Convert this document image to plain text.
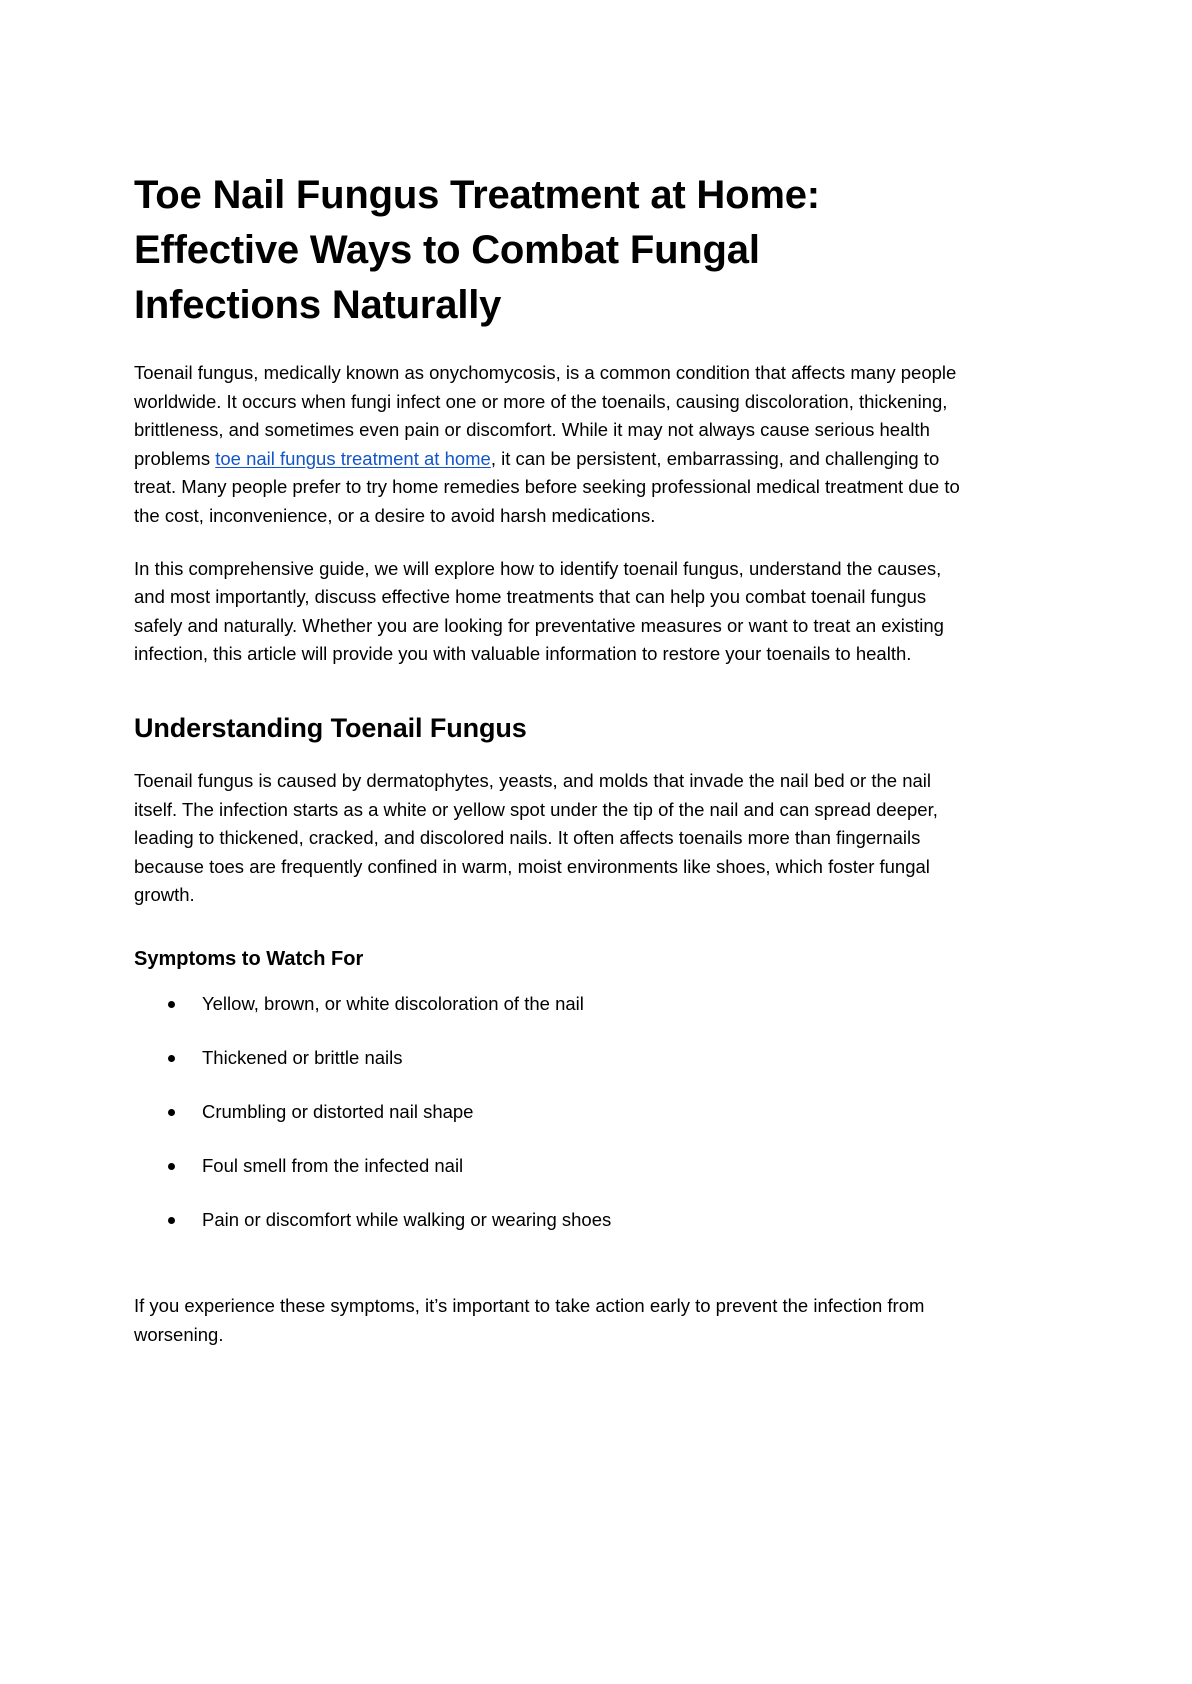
Toe Nail Fungus Treatment at Home: Effective Ways to Combat Fungal Infections Naturally

Toenail fungus, medically known as onychomycosis, is a common condition that affects many people worldwide. It occurs when fungi infect one or more of the toenails, causing discoloration, thickening, brittleness, and sometimes even pain or discomfort. While it may not always cause serious health problems toe nail fungus treatment at home, it can be persistent, embarrassing, and challenging to treat. Many people prefer to try home remedies before seeking professional medical treatment due to the cost, inconvenience, or a desire to avoid harsh medications.

In this comprehensive guide, we will explore how to identify toenail fungus, understand the causes, and most importantly, discuss effective home treatments that can help you combat toenail fungus safely and naturally. Whether you are looking for preventative measures or want to treat an existing infection, this article will provide you with valuable information to restore your toenails to health.

Understanding Toenail Fungus

Toenail fungus is caused by dermatophytes, yeasts, and molds that invade the nail bed or the nail itself. The infection starts as a white or yellow spot under the tip of the nail and can spread deeper, leading to thickened, cracked, and discolored nails. It often affects toenails more than fingernails because toes are frequently confined in warm, moist environments like shoes, which foster fungal growth.

Symptoms to Watch For
Yellow, brown, or white discoloration of the nail
Thickened or brittle nails
Crumbling or distorted nail shape
Foul smell from the infected nail
Pain or discomfort while walking or wearing shoes

If you experience these symptoms, it’s important to take action early to prevent the infection from worsening.
